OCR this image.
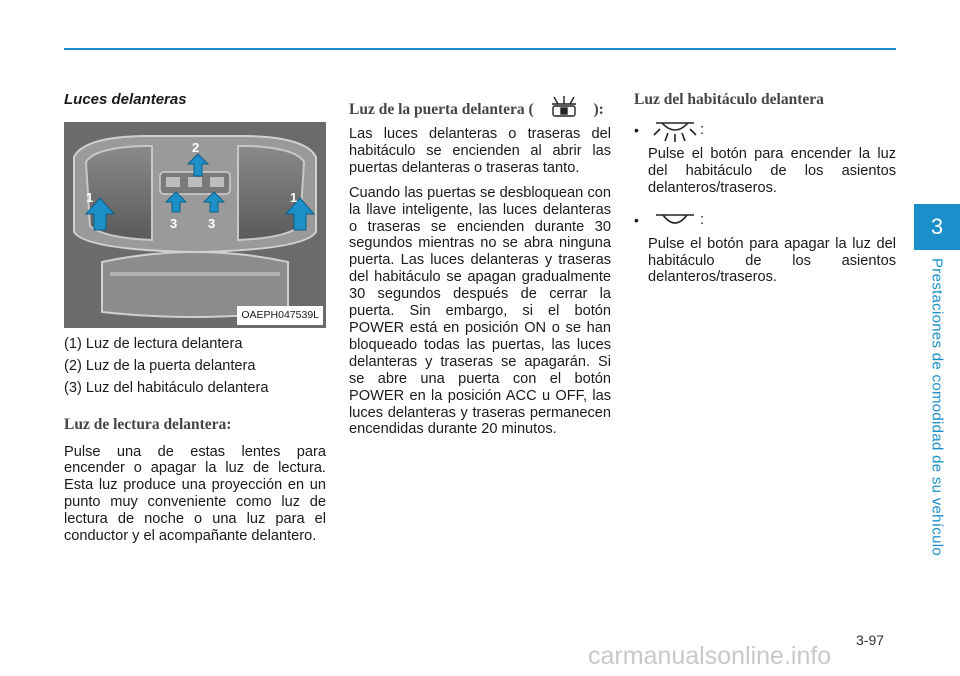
3
Prestaciones de comodidad de su vehículo
Luces delanteras
1
2
3 3
1
OAEPH047539L
(1) Luz de lectura delantera
(2) Luz de la puerta delantera
(3) Luz del habitáculo delantera
Luz de lectura delantera:

Pulse una de estas lentes para encender o apagar la luz de lectura. Esta luz produce una proyección en un punto muy conveniente como luz de lectura de noche o una luz para el conductor y el acompañante delantero.

Luz de la puerta delantera (	):

Las luces delanteras o traseras del habitáculo se encienden al abrir las puertas delanteras o traseras tanto.

Cuando las puertas se desbloquean con la llave inteligente, las luces delanteras o traseras se encienden durante 30 segundos mientras no se abra ninguna puerta. Las luces delanteras y traseras del habitáculo se apagan gradualmente 30 segundos después de cerrar la puerta. Sin embargo, si el botón POWER está en posición ON o se han bloqueado todas las puertas, las luces delanteras y traseras se apagarán. Si se abre una puerta con el botón POWER en la posición ACC u OFF, las luces delanteras y traseras permanecen encendidas durante 20 minutos.

Luz del habitáculo delantera
•	:

Pulse el botón para encender la luz del habitáculo de los asientos delanteros/traseros.

•	:

Pulse el botón para apagar la luz del habitáculo de los asientos delanteros/traseros.

3-97
carmanualsonline.info
